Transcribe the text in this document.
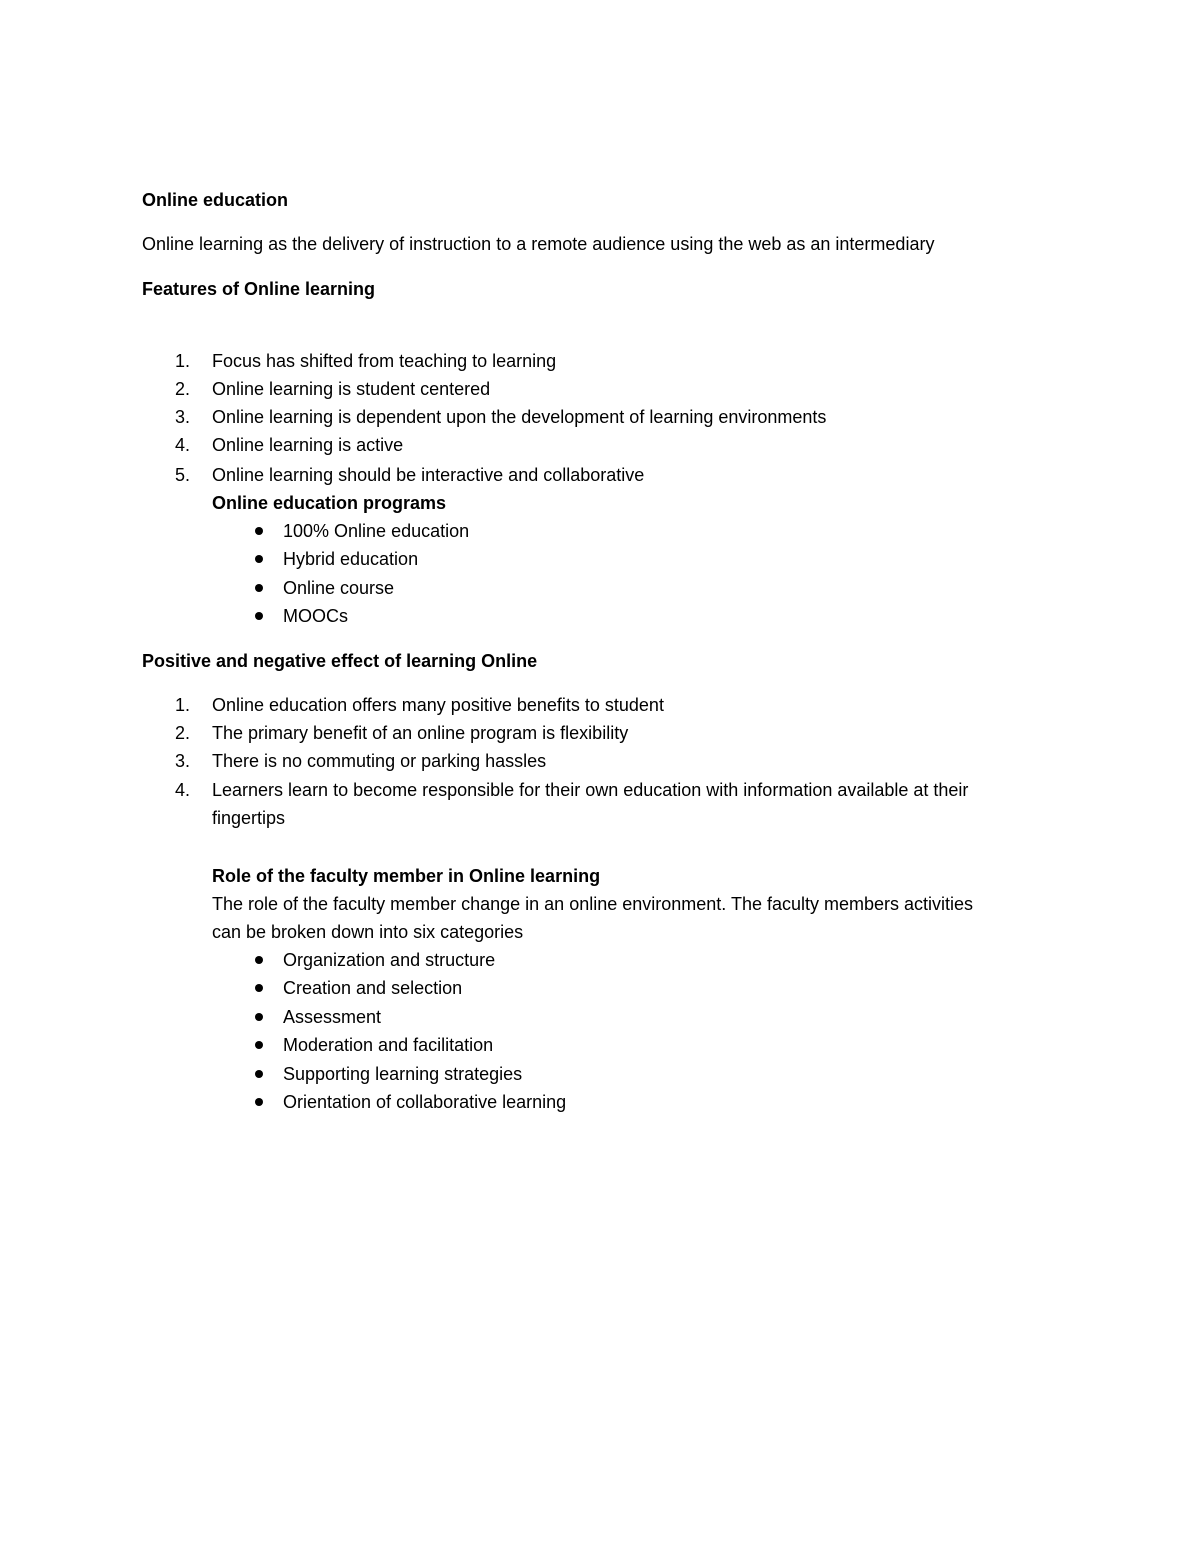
Online education
Online learning as the delivery of instruction to a remote audience using the web as an intermediary
Features of Online learning
1.	Focus has shifted from teaching to learning
2.	Online learning is student centered
3.	Online learning is dependent upon the development of learning environments
4.	Online learning is active
5.	Online learning should be interactive and collaborative
Online education programs
100% Online education
Hybrid education
Online course
MOOCs
Positive and negative effect of learning Online
1.	Online education offers many positive benefits to student
2.	The primary benefit of an online program is flexibility
3.	There is no commuting or parking hassles
4.	Learners learn to become responsible for their own education with information available at their
fingertips
Role of the faculty member in Online learning
The role of the faculty member change in an online environment. The faculty members activities
can be broken down into six categories
Organization and structure
Creation and selection
Assessment
Moderation and facilitation
Supporting learning strategies
Orientation of collaborative learning
